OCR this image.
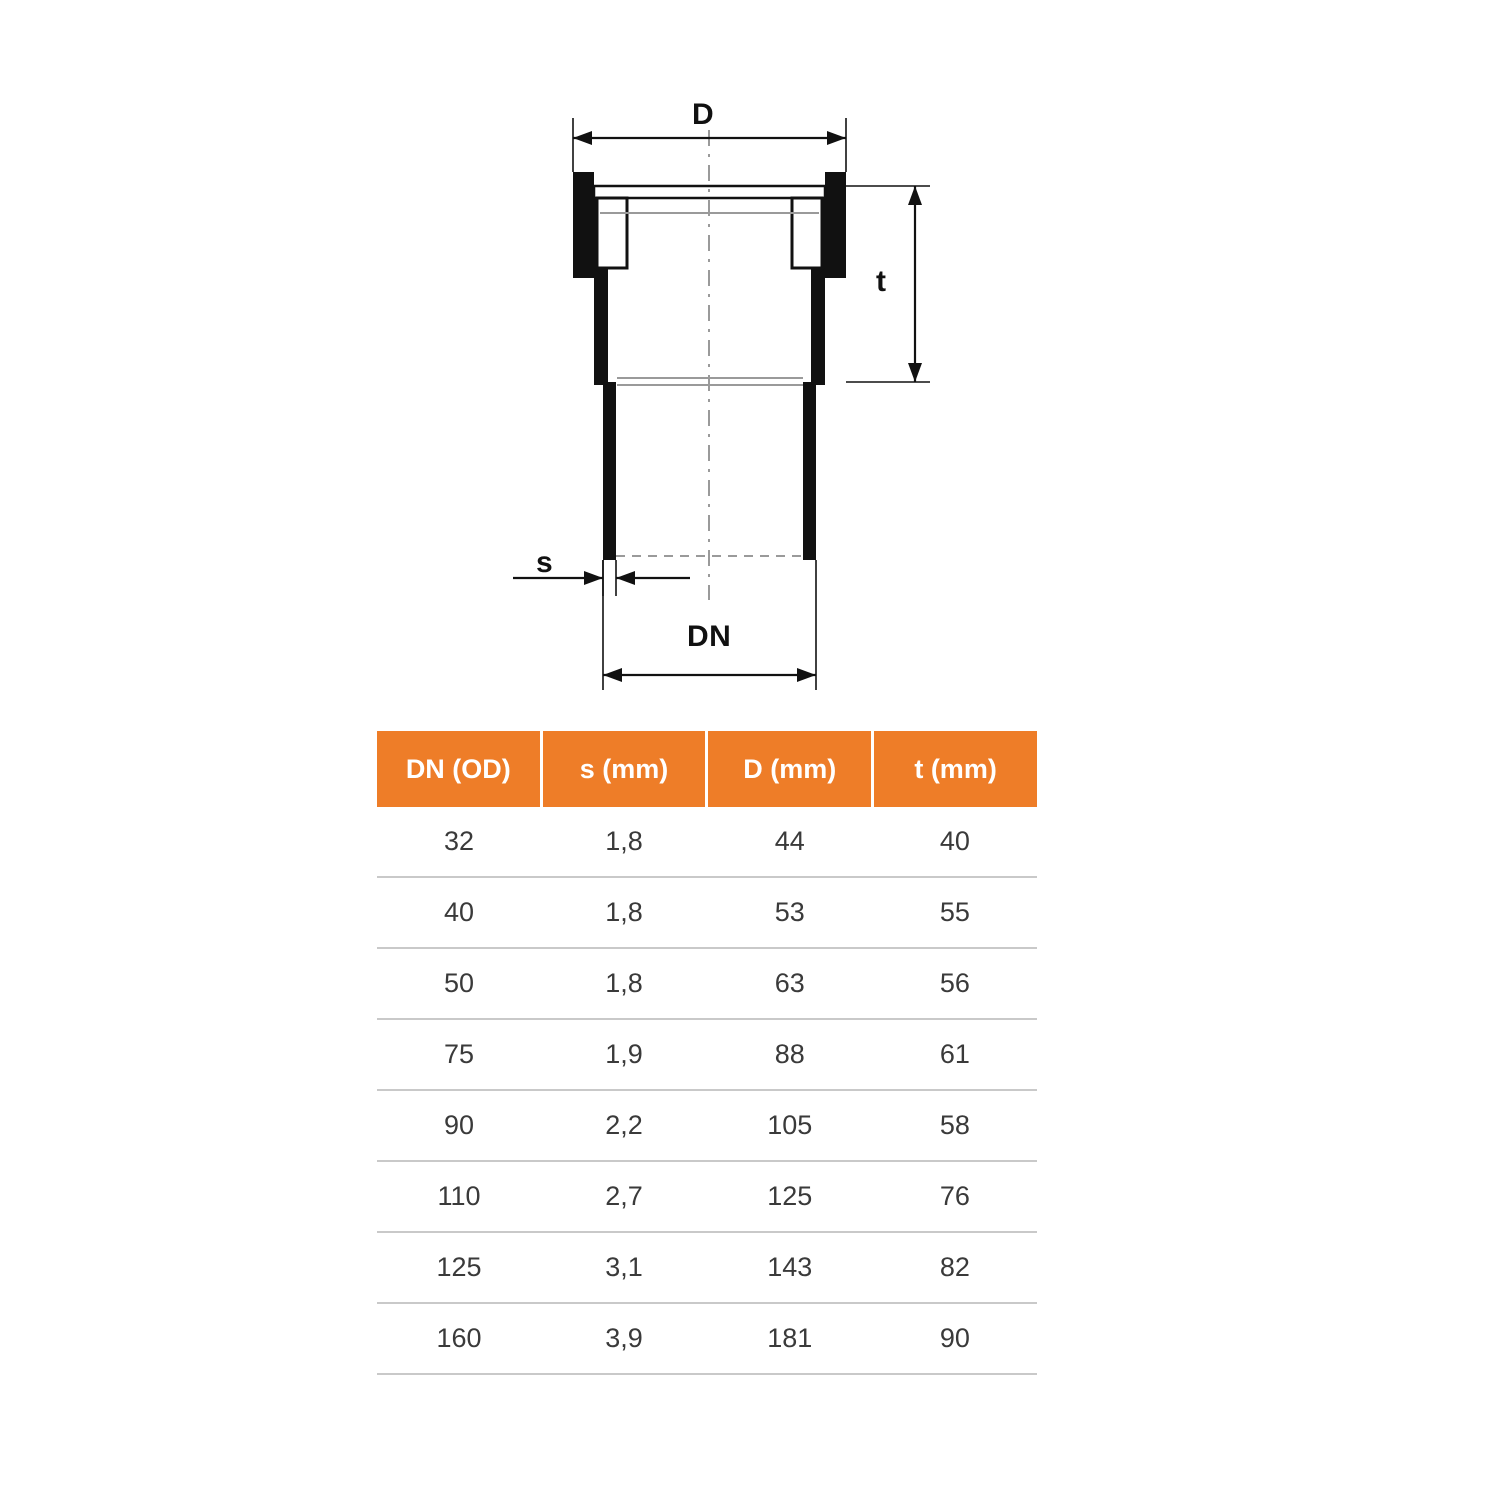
D
t
s
DN
DN (OD)	s (mm)	D (mm)	t (mm)
32	1,8	44	40
40	1,8	53	55
50	1,8	63	56
75	1,9	88	61
90	2,2	105	58
110	2,7	125	76
125	3,1	143	82
160	3,9	181	90
